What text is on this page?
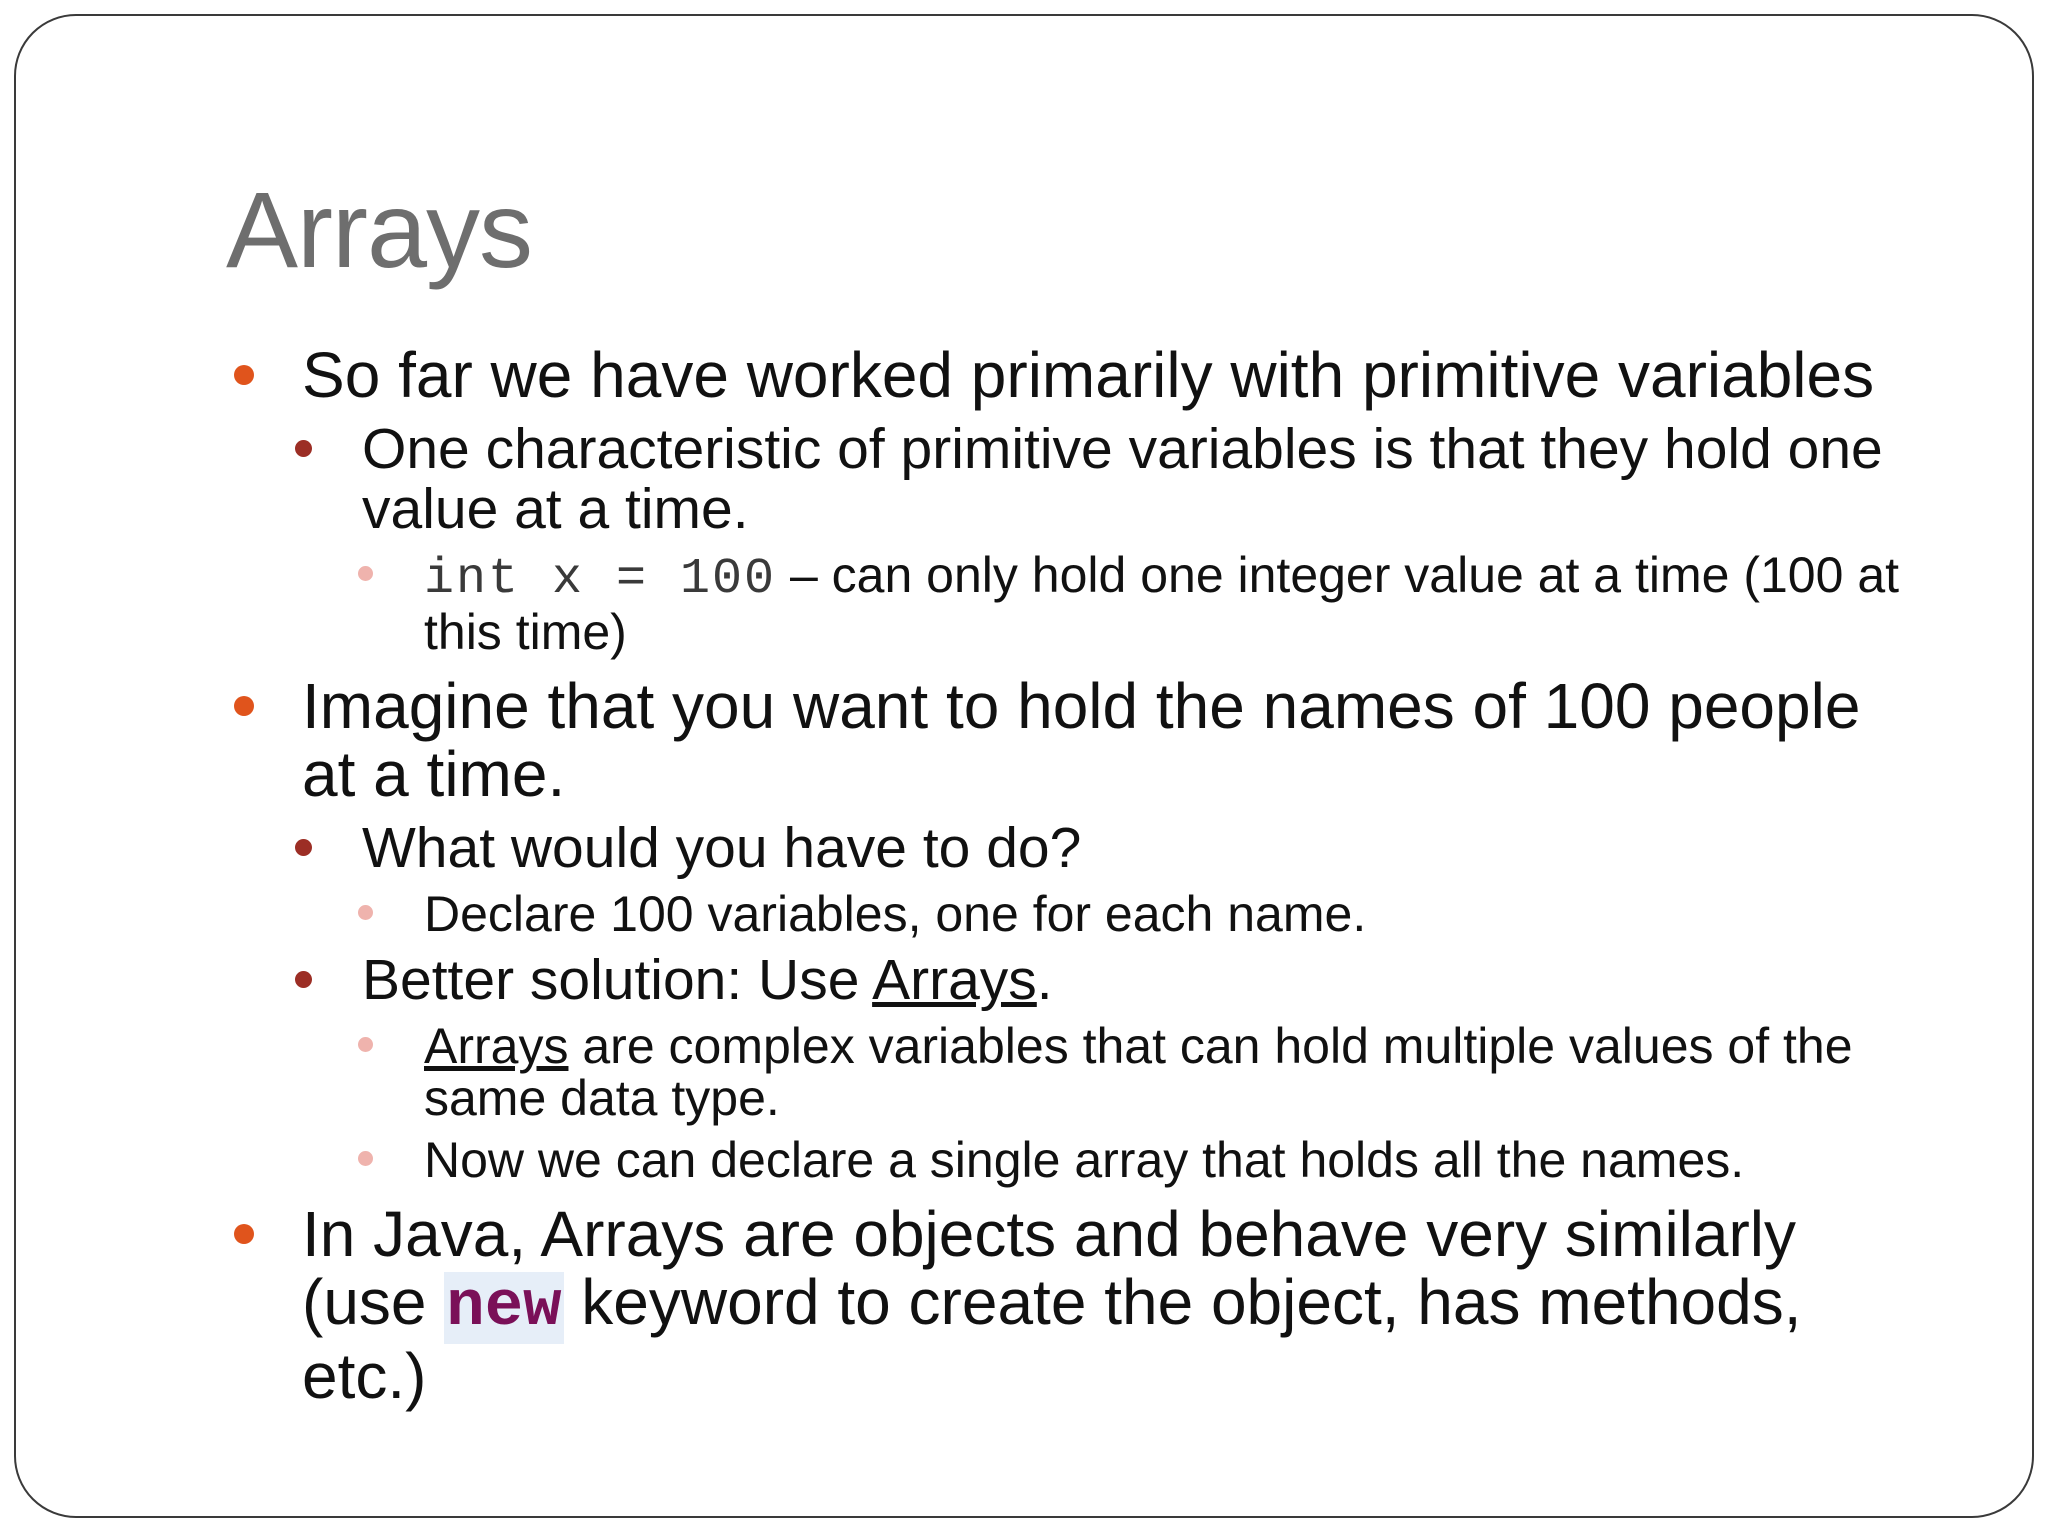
Arrays
So far we have worked primarily with primitive variables
One characteristic of primitive variables is that they hold one value at a time.
int x = 100 – can only hold one integer value at a time (100 at this time)
Imagine that you want to hold the names of 100 people at a time.
What would you have to do?
Declare 100 variables, one for each name.
Better solution: Use Arrays.
Arrays are complex variables that can hold multiple values of the same data type.
Now we can declare a single array that holds all the names.
In Java, Arrays are objects and behave very similarly (use new keyword to create the object, has methods, etc.)
